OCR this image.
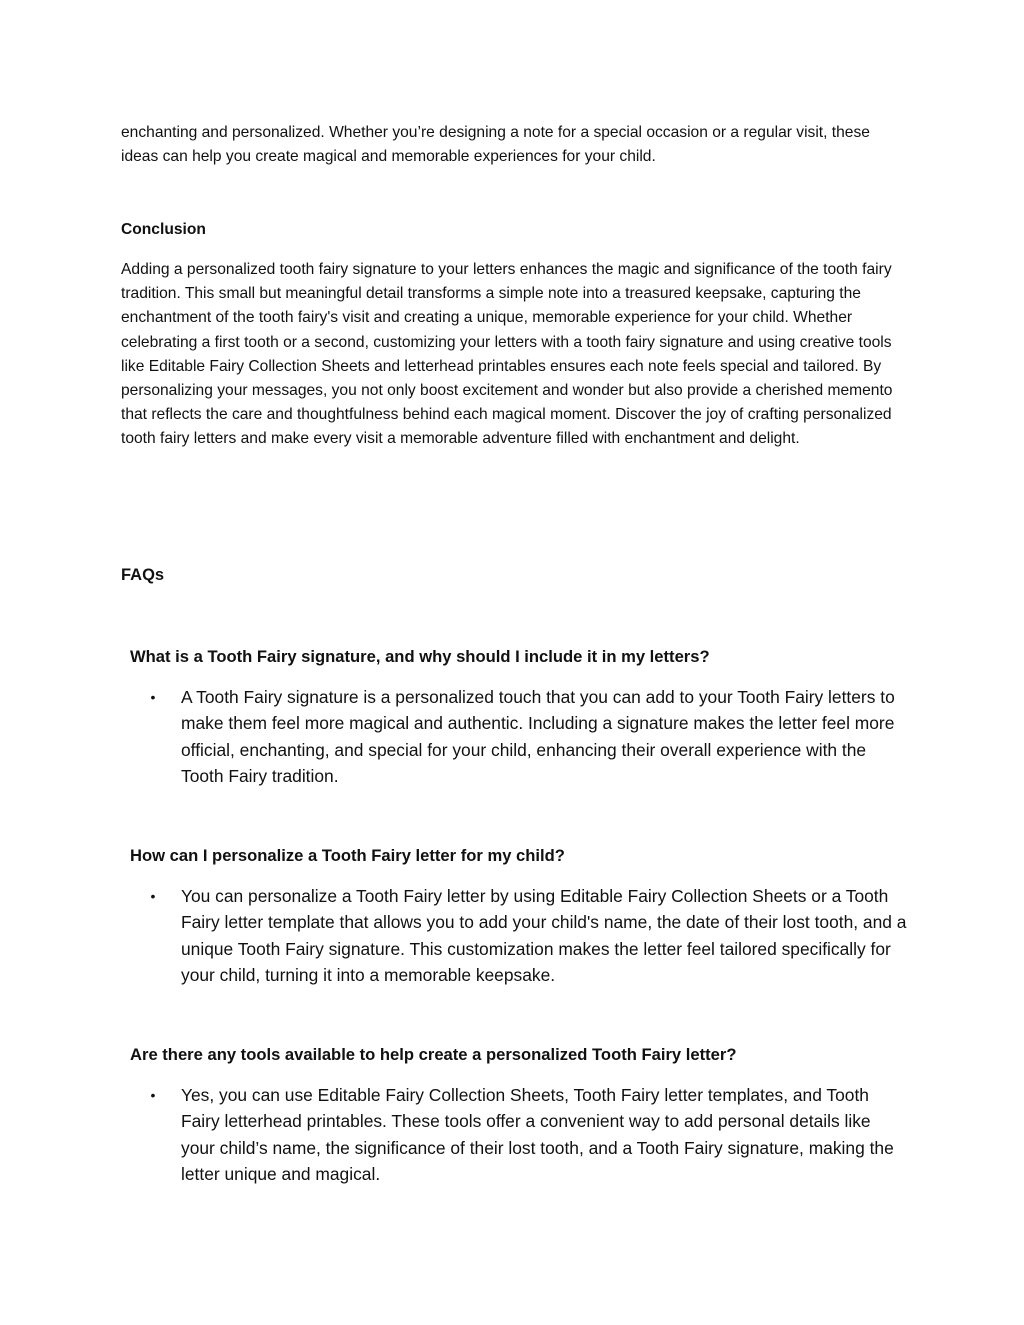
enchanting and personalized. Whether you’re designing a note for a special occasion or a regular visit, these ideas can help you create magical and memorable experiences for your child.

Conclusion

Adding a personalized tooth fairy signature to your letters enhances the magic and significance of the tooth fairy tradition. This small but meaningful detail transforms a simple note into a treasured keepsake, capturing the enchantment of the tooth fairy's visit and creating a unique, memorable experience for your child. Whether celebrating a first tooth or a second, customizing your letters with a tooth fairy signature and using creative tools like Editable Fairy Collection Sheets and letterhead printables ensures each note feels special and tailored. By personalizing your messages, you not only boost excitement and wonder but also provide a cherished memento that reflects the care and thoughtfulness behind each magical moment. Discover the joy of crafting personalized tooth fairy letters and make every visit a memorable adventure filled with enchantment and delight.

FAQs
What is a Tooth Fairy signature, and why should I include it in my letters?
• A Tooth Fairy signature is a personalized touch that you can add to your Tooth Fairy letters to make them feel more magical and authentic. Including a signature makes the letter feel more official, enchanting, and special for your child, enhancing their overall experience with the Tooth Fairy tradition.
How can I personalize a Tooth Fairy letter for my child?
• You can personalize a Tooth Fairy letter by using Editable Fairy Collection Sheets or a Tooth Fairy letter template that allows you to add your child's name, the date of their lost tooth, and a unique Tooth Fairy signature. This customization makes the letter feel tailored specifically for your child, turning it into a memorable keepsake.
Are there any tools available to help create a personalized Tooth Fairy letter?
• Yes, you can use Editable Fairy Collection Sheets, Tooth Fairy letter templates, and Tooth Fairy letterhead printables. These tools offer a convenient way to add personal details like your child’s name, the significance of their lost tooth, and a Tooth Fairy signature, making the letter unique and magical.
